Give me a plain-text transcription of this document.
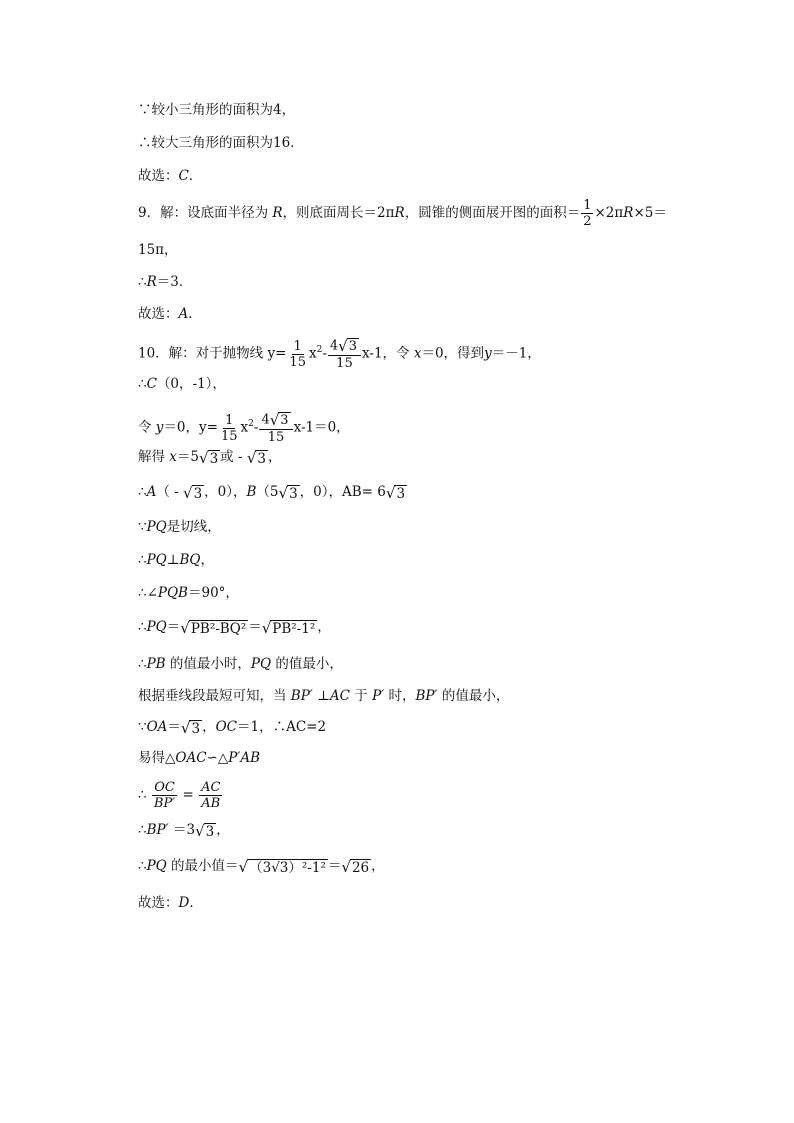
∵较小三角形的面积为4，
∴较大三角形的面积为16．
故选：C．
9．解：设底面半径为 R，则底面周长＝2πR，圆锥的侧面展开图的面积＝ $\frac{1}{2} \times 2\pi R\times 5=$
15π，
∴R＝3．
故选：A．
10．解：对于抛物线 $y= \frac{1}{15} x^2- \frac{4 √ 3}{15} x-1$，令 x＝0，得到y＝－1，
∴C（0，-1），
令 y＝0，$y= \frac{1}{15} x^2- \frac{4 √ 3}{15} x-1=0$，
解得 x＝5 √ 3 或 - √ 3 ，
∴A（ - √ 3 ，0），B（5 √ 3 ，0），AB= 6 √ 3
∵PQ是切线，
∴PQ⊥BQ，
∴∠PQB＝90°，
∴PQ＝ √ PB²-BQ² ＝ √ PB²-1² ，
∴PB 的值最小时，PQ 的值最小，
根据垂线段最短可知，当 BP′ ⊥AC 于 P′ 时，BP′ 的值最小，
∵OA＝ √ 3 ，OC＝1，∴AC=2
易得△OAC∽△P′AB
∴ $\frac{OC}{BP'} = \frac{AC}{AB}$
∴BP′ ＝3 √ 3 ，
∴PQ 的最小值＝ √ （3√3）²-1² ＝ √ 26 ，
故选：D．
